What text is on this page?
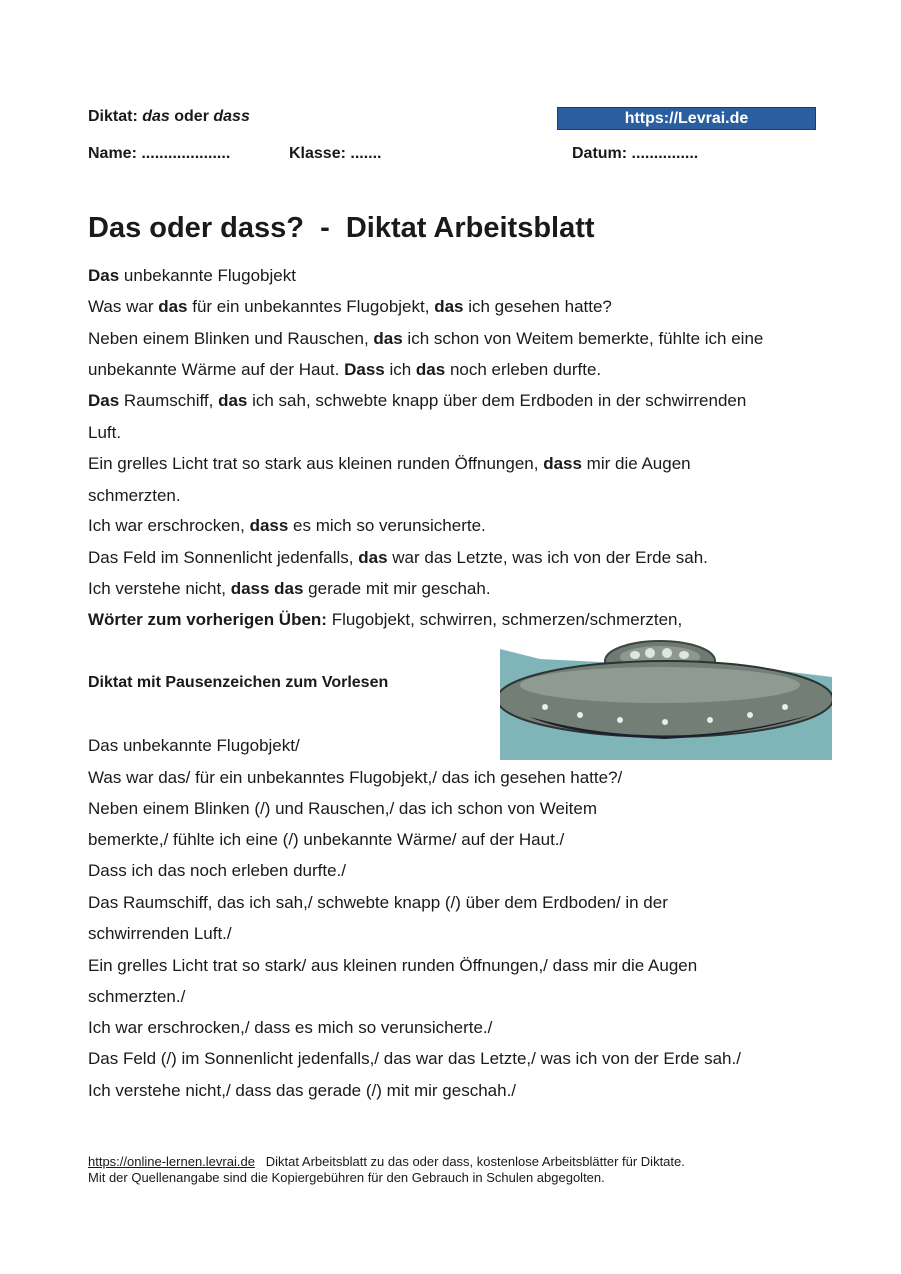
Diktat: das oder dass	https://Levrai.de
Name: ....................	Klasse: .......	Datum: ...............
Das oder dass?  -  Diktat Arbeitsblatt
Das unbekannte Flugobjekt
Was war das für ein unbekanntes Flugobjekt, das ich gesehen hatte?
Neben einem Blinken und Rauschen, das ich schon von Weitem bemerkte, fühlte ich eine
unbekannte Wärme auf der Haut. Dass ich das noch erleben durfte.
Das Raumschiff, das ich sah, schwebte knapp über dem Erdboden in der schwirrenden
Luft.
Ein grelles Licht trat so stark aus kleinen runden Öffnungen, dass mir die Augen
schmerzten.
Ich war erschrocken, dass es mich so verunsicherte.
Das Feld im Sonnenlicht jedenfalls, das war das Letzte, was ich von der Erde sah.
Ich verstehe nicht, dass das gerade mit mir geschah.
Wörter zum vorherigen Üben: Flugobjekt, schwirren, schmerzen/schmerzten,
Diktat mit Pausenzeichen zum Vorlesen
Das unbekannte Flugobjekt/
Was war das/ für ein unbekanntes Flugobjekt,/ das ich gesehen hatte?/
Neben einem Blinken (/) und Rauschen,/ das ich schon von Weitem
bemerkte,/ fühlte ich eine (/) unbekannte Wärme/ auf der Haut./
Dass ich das noch erleben durfte./
Das Raumschiff, das ich sah,/ schwebte knapp (/) über dem Erdboden/ in der
schwirrenden Luft./
Ein grelles Licht trat so stark/ aus kleinen runden Öffnungen,/ dass mir die Augen
schmerzten./
Ich war erschrocken,/ dass es mich so verunsicherte./
Das Feld (/) im Sonnenlicht jedenfalls,/ das war das Letzte,/ was ich von der Erde sah./
Ich verstehe nicht,/ dass das gerade (/) mit mir geschah./
https://online-lernen.levrai.de   Diktat Arbeitsblatt zu das oder dass, kostenlose Arbeitsblätter für Diktate.
Mit der Quellenangabe sind die Kopiergebühren für den Gebrauch in Schulen abgegolten.
